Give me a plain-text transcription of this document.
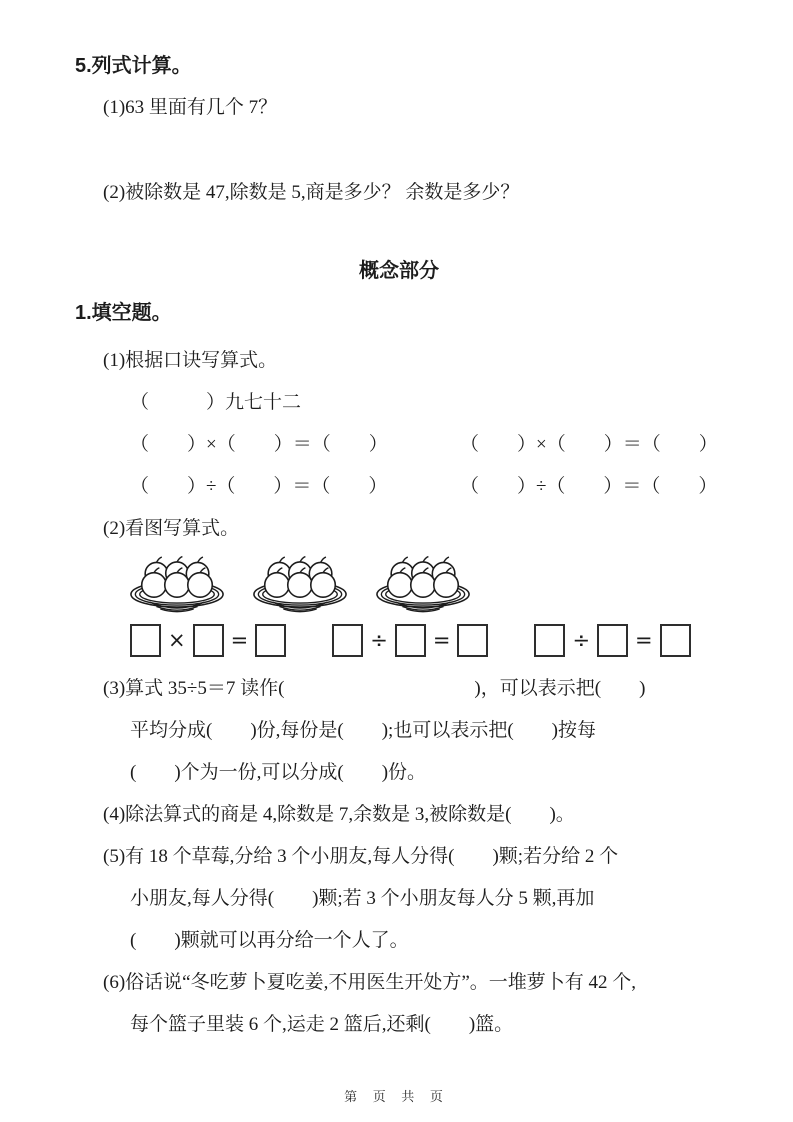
5.列式计算。
(1)63 里面有几个 7？
(2)被除数是 47,除数是 5,商是多少？ 余数是多少？
概念部分
1.填空题。
(1)根据口诀写算式。
（　　　）九七十二
（　　）×（　　）＝（　　）	（　　）×（　　）＝（　　）
（　　）÷（　　）＝（　　）	（　　）÷（　　）＝（　　）
(2)看图写算式。
× =	÷ =	÷ =
(3)算式 35÷5＝7 读作(　　　　　　　　　　)，可以表示把(　　)
平均分成(　　)份,每份是(　　);也可以表示把(　　)按每
(　　)个为一份,可以分成(　　)份。
(4)除法算式的商是 4,除数是 7,余数是 3,被除数是(　　)。
(5)有 18 个草莓,分给 3 个小朋友,每人分得(　　)颗;若分给 2 个
小朋友,每人分得(　　)颗;若 3 个小朋友每人分 5 颗,再加
(　　)颗就可以再分给一个人了。
(6)俗话说“冬吃萝卜夏吃姜,不用医生开处方”。一堆萝卜有 42 个,
每个篮子里装 6 个,运走 2 篮后,还剩(　　)篮。
第 页 共 页
